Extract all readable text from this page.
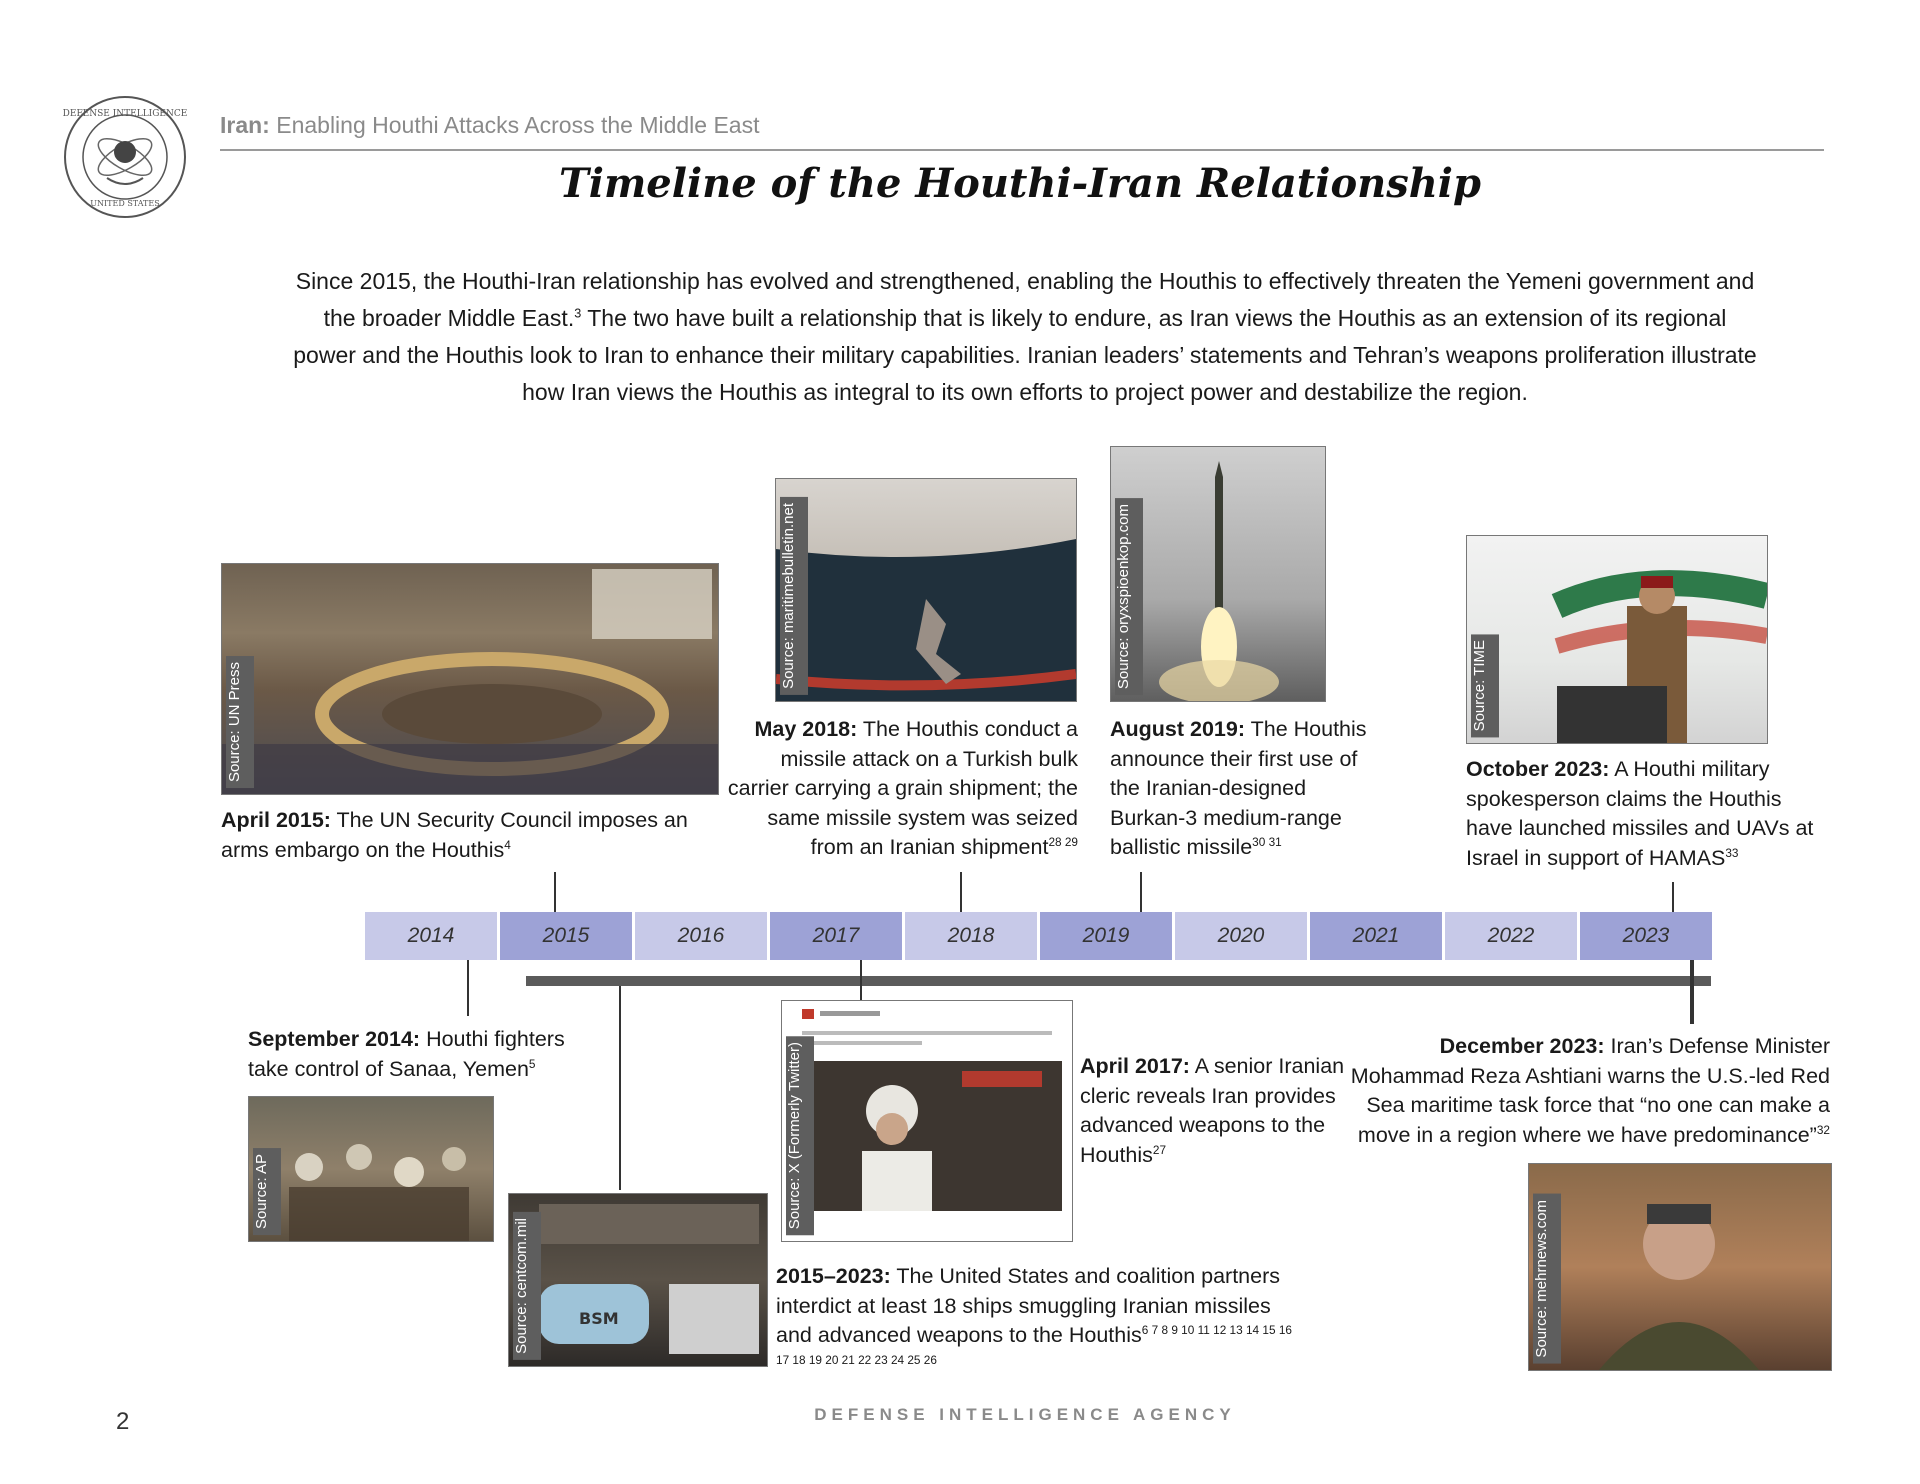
DEFENSE INTELLIGENCE
UNITED STATES
Iran: Enabling Houthi Attacks Across the Middle East
Timeline of the Houthi-Iran Relationship
Since 2015, the Houthi-Iran relationship has evolved and strengthened, enabling the Houthis to effectively threaten the Yemeni government and the broader Middle East.$^3$ The two have built a relationship that is likely to endure, as Iran views the Houthis as an extension of its regional power and the Houthis look to Iran to enhance their military capabilities. Iranian leaders’ statements and Tehran’s weapons proliferation illustrate how Iran views the Houthis as integral to its own efforts to project power and destabilize the region.
Source: UN Press
April 2015: The UN Security Council imposes an arms embargo on the Houthis$^4$
Source: maritimebulletin.net
May 2018: The Houthis conduct a missile attack on a Turkish bulk carrier carrying a grain shipment; the same missile system was seized from an Iranian shipment$^{28 29}$
Source: oryxspioenkop.com
August 2019: The Houthis announce their first use of the Iranian-designed Burkan-3 medium-range ballistic missile$^{30 31}$
Source: TIME
October 2023: A Houthi military spokesperson claims the Houthis have launched missiles and UAVs at Israel in support of HAMAS$^{33}$
2014	2015	2016	2017	2018	2019	2020	2021	2022	2023
September 2014: Houthi fighters take control of Sanaa, Yemen$^5$
Source: AP
BSM
Source: centcom.mil	2015–2023: The United States and coalition partners interdict at least 18 ships smuggling Iranian missiles and advanced weapons to the Houthis$^{6 7 8 9 10 11 12 13 14 15 16 17 18 19 20 21 22 23 24 25 26}$
Source: X (Formerly Twitter)	April 2017: A senior Iranian cleric reveals Iran provides advanced weapons to the Houthis$^{27}$
December 2023: Iran’s Defense Minister Mohammad Reza Ashtiani warns the U.S.-led Red Sea maritime task force that “no one can make a move in a region where we have predominance”$^{32}$
Source: mehrnews.com
2	DEFENSE INTELLIGENCE AGENCY
